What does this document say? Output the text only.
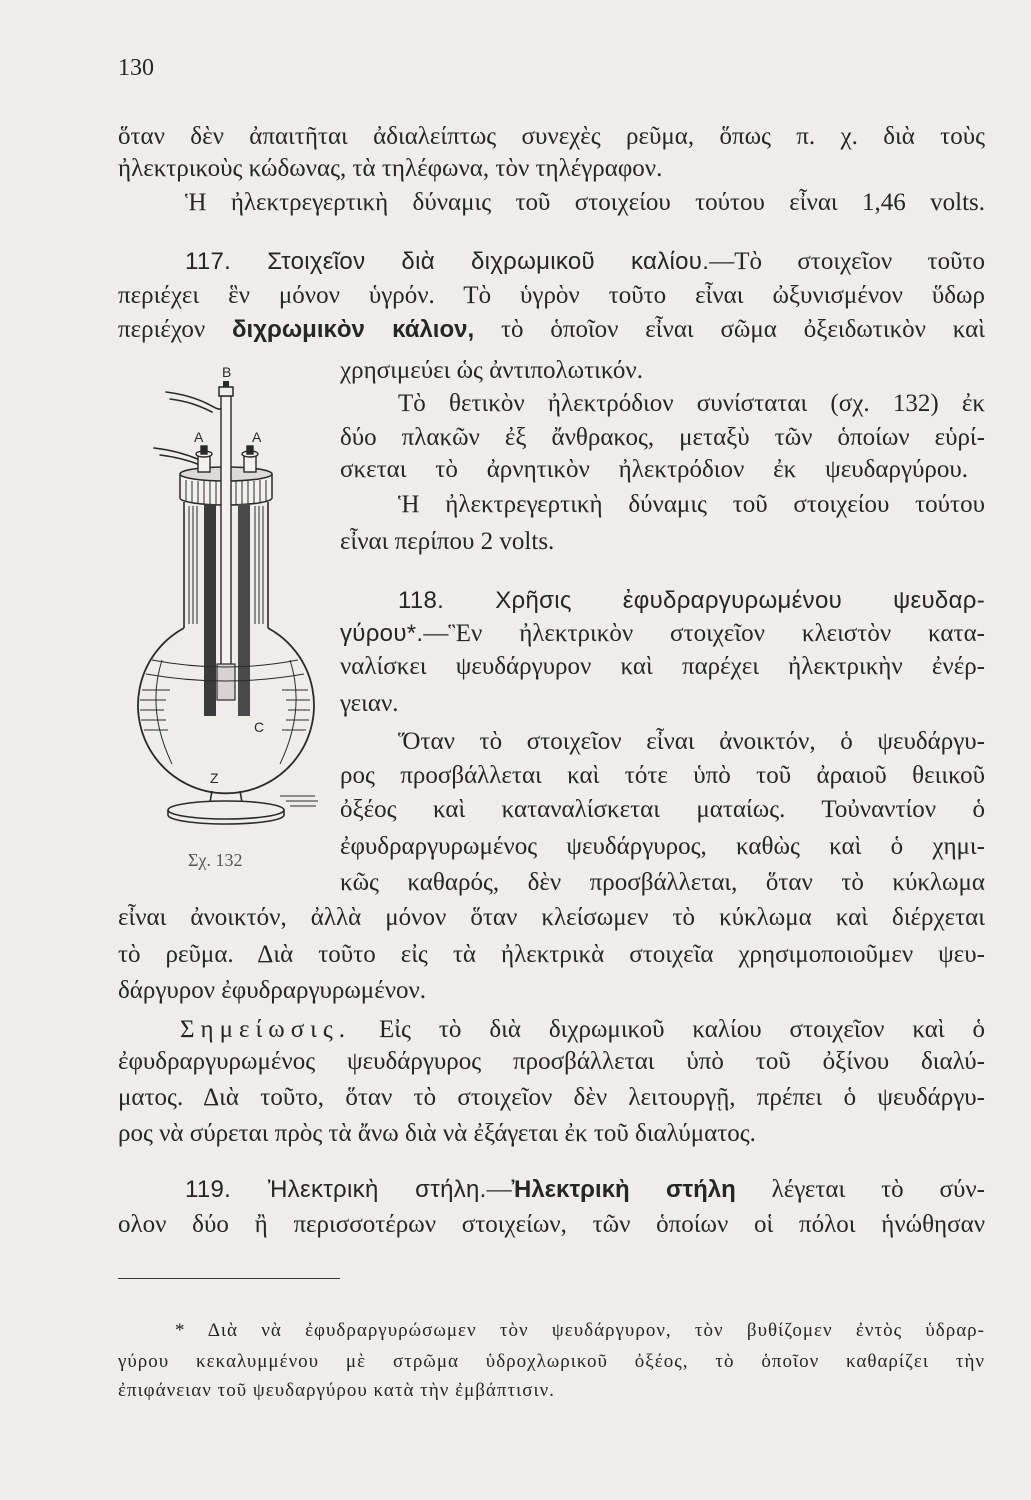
130
ὅταν δὲν ἀπαιτῆται ἀδιαλείπτως συνεχὲς ρεῦμα, ὅπως π. χ. διὰ τοὺς
ἠλεκτρικοὺς κώδωνας, τὰ τηλέφωνα, τὸν τηλέγραφον.
Ἡ ἠλεκτρεγερτικὴ δύναμις τοῦ στοιχείου τούτου εἶναι 1,46 volts.
117. Στοιχεῖον διὰ διχρωμικοῦ καλίου.—Τὸ στοιχεῖον τοῦτο
περιέχει ἓν μόνον ὑγρόν. Τὸ ὑγρὸν τοῦτο εἶναι ὠξυνισμένον ὕδωρ
περιέχον διχρωμικὸν κάλιον, τὸ ὁποῖον εἶναι σῶμα ὀξειδωτικὸν καὶ
χρησιμεύει ὡς ἀντιπολωτικόν.
Τὸ θετικὸν ἠλεκτρόδιον συνίσταται (σχ. 132) ἐκ
δύο πλακῶν ἐξ ἄνθρακος, μεταξὺ τῶν ὁποίων εὑρί-
σκεται τὸ ἀρνητικὸν ἠλεκτρόδιον ἐκ ψευδαργύρου.
Ἡ ἠλεκτρεγερτικὴ δύναμις τοῦ στοιχείου τούτου
εἶναι περίπου 2 volts.
118. Χρῆσις ἐφυδραργυρωμένου ψευδαρ-
γύρου*.—Ἓν ἠλεκτρικὸν στοιχεῖον κλειστὸν κατα-
ναλίσκει ψευδάργυρον καὶ παρέχει ἠλεκτρικὴν ἐνέρ-
γειαν.
Ὅταν τὸ στοιχεῖον εἶναι ἀνοικτόν, ὁ ψευδάργυ-
ρος προσβάλλεται καὶ τότε ὑπὸ τοῦ ἀραιοῦ θειικοῦ
ὀξέος καὶ καταναλίσκεται ματαίως. Τοὐναντίον ὁ
ἐφυδραργυρωμένος ψευδάργυρος, καθὼς καὶ ὁ χημι-
κῶς καθαρός, δὲν προσβάλλεται, ὅταν τὸ κύκλωμα
εἶναι ἀνοικτόν, ἀλλὰ μόνον ὅταν κλείσωμεν τὸ κύκλωμα καὶ διέρχεται
τὸ ρεῦμα. Διὰ τοῦτο εἰς τὰ ἠλεκτρικὰ στοιχεῖα χρησιμοποιοῦμεν ψευ-
δάργυρον ἐφυδραργυρωμένον.
Σημείωσις. Εἰς τὸ διὰ διχρωμικοῦ καλίου στοιχεῖον καὶ ὁ
ἐφυδραργυρωμένος ψευδάργυρος προσβάλλεται ὑπὸ τοῦ ὀξίνου διαλύ-
ματος. Διὰ τοῦτο, ὅταν τὸ στοιχεῖον δὲν λειτουργῇ, πρέπει ὁ ψευδάργυ-
ρος νὰ σύρεται πρὸς τὰ ἄνω διὰ νὰ ἐξάγεται ἐκ τοῦ διαλύματος.
119. Ἠλεκτρικὴ στήλη.—Ἠλεκτρικὴ στήλη λέγεται τὸ σύν-
ολον δύο ἢ περισσοτέρων στοιχείων, τῶν ὁποίων οἱ πόλοι ἡνώθησαν
* Διὰ νὰ ἐφυδραργυρώσωμεν τὸν ψευδάργυρον, τὸν βυθίζομεν ἐντὸς ὑδραρ-
γύρου κεκαλυμμένου μὲ στρῶμα ὑδροχλωρικοῦ ὀξέος, τὸ ὁποῖον καθαρίζει τὴν
ἐπιφάνειαν τοῦ ψευδαργύρου κατὰ τὴν ἐμβάπτισιν.
B
A	A
C
Z
Σχ. 132
